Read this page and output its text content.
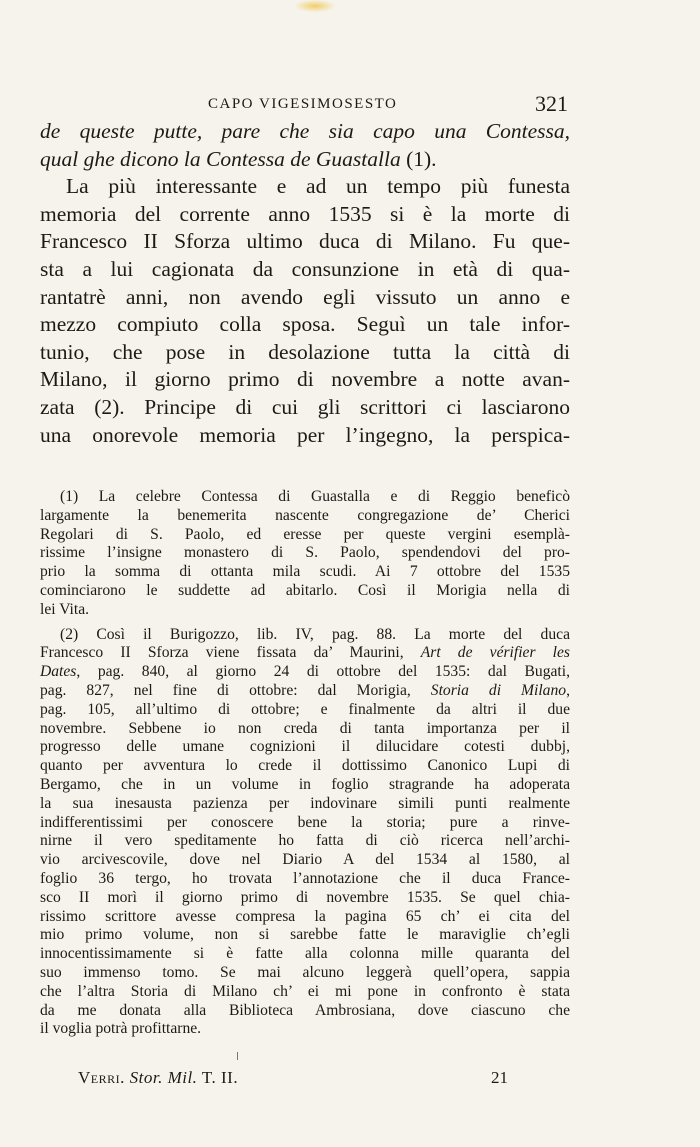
CAPO VIGESIMOSESTO	321
de queste putte, pare che sia capo una Contessa,
qual ghe dicono la Contessa de Guastalla (1).
La più interessante e ad un tempo più funesta
memoria del corrente anno 1535 si è la morte di
Francesco II Sforza ultimo duca di Milano. Fu que-
sta a lui cagionata da consunzione in età di qua-
rantatrè anni, non avendo egli vissuto un anno e
mezzo compiuto colla sposa. Seguì un tale infor-
tunio, che pose in desolazione tutta la città di
Milano, il giorno primo di novembre a notte avan-
zata (2). Principe di cui gli scrittori ci lasciarono
una onorevole memoria per l’ingegno, la perspica-
(1) La celebre Contessa di Guastalla e di Reggio beneficò
largamente la benemerita nascente congregazione de’ Cherici
Regolari di S. Paolo, ed eresse per queste vergini esemplà-
rissime l’insigne monastero di S. Paolo, spendendovi del pro-
prio la somma di ottanta mila scudi. Ai 7 ottobre del 1535
cominciarono le suddette ad abitarlo. Così il Morigia nella di
lei Vita.
(2) Così il Burigozzo, lib. IV, pag. 88. La morte del duca
Francesco II Sforza viene fissata da’ Maurini, Art de vérifier les
Dates, pag. 840, al giorno 24 di ottobre del 1535: dal Bugati,
pag. 827, nel fine di ottobre: dal Morigia, Storia di Milano,
pag. 105, all’ultimo di ottobre; e finalmente da altri il due
novembre. Sebbene io non creda di tanta importanza per il
progresso delle umane cognizioni il dilucidare cotesti dubbj,
quanto per avventura lo crede il dottissimo Canonico Lupi di
Bergamo, che in un volume in foglio stragrande ha adoperata
la sua inesausta pazienza per indovinare simili punti realmente
indifferentissimi per conoscere bene la storia; pure a rinve-
nirne il vero speditamente ho fatta di ciò ricerca nell’archi-
vio arcivescovile, dove nel Diario A del 1534 al 1580, al
foglio 36 tergo, ho trovata l’annotazione che il duca France-
sco II morì il giorno primo di novembre 1535. Se quel chia-
rissimo scrittore avesse compresa la pagina 65 ch’ ei cita del
mio primo volume, non si sarebbe fatte le maraviglie ch’egli
innocentissimamente si è fatte alla colonna mille quaranta del
suo immenso tomo. Se mai alcuno leggerà quell’opera, sappia
che l’altra Storia di Milano ch’ ei mi pone in confronto è stata
da me donata alla Biblioteca Ambrosiana, dove ciascuno che
il voglia potrà profittarne.
Verri. Stor. Mil. T. II.	21
